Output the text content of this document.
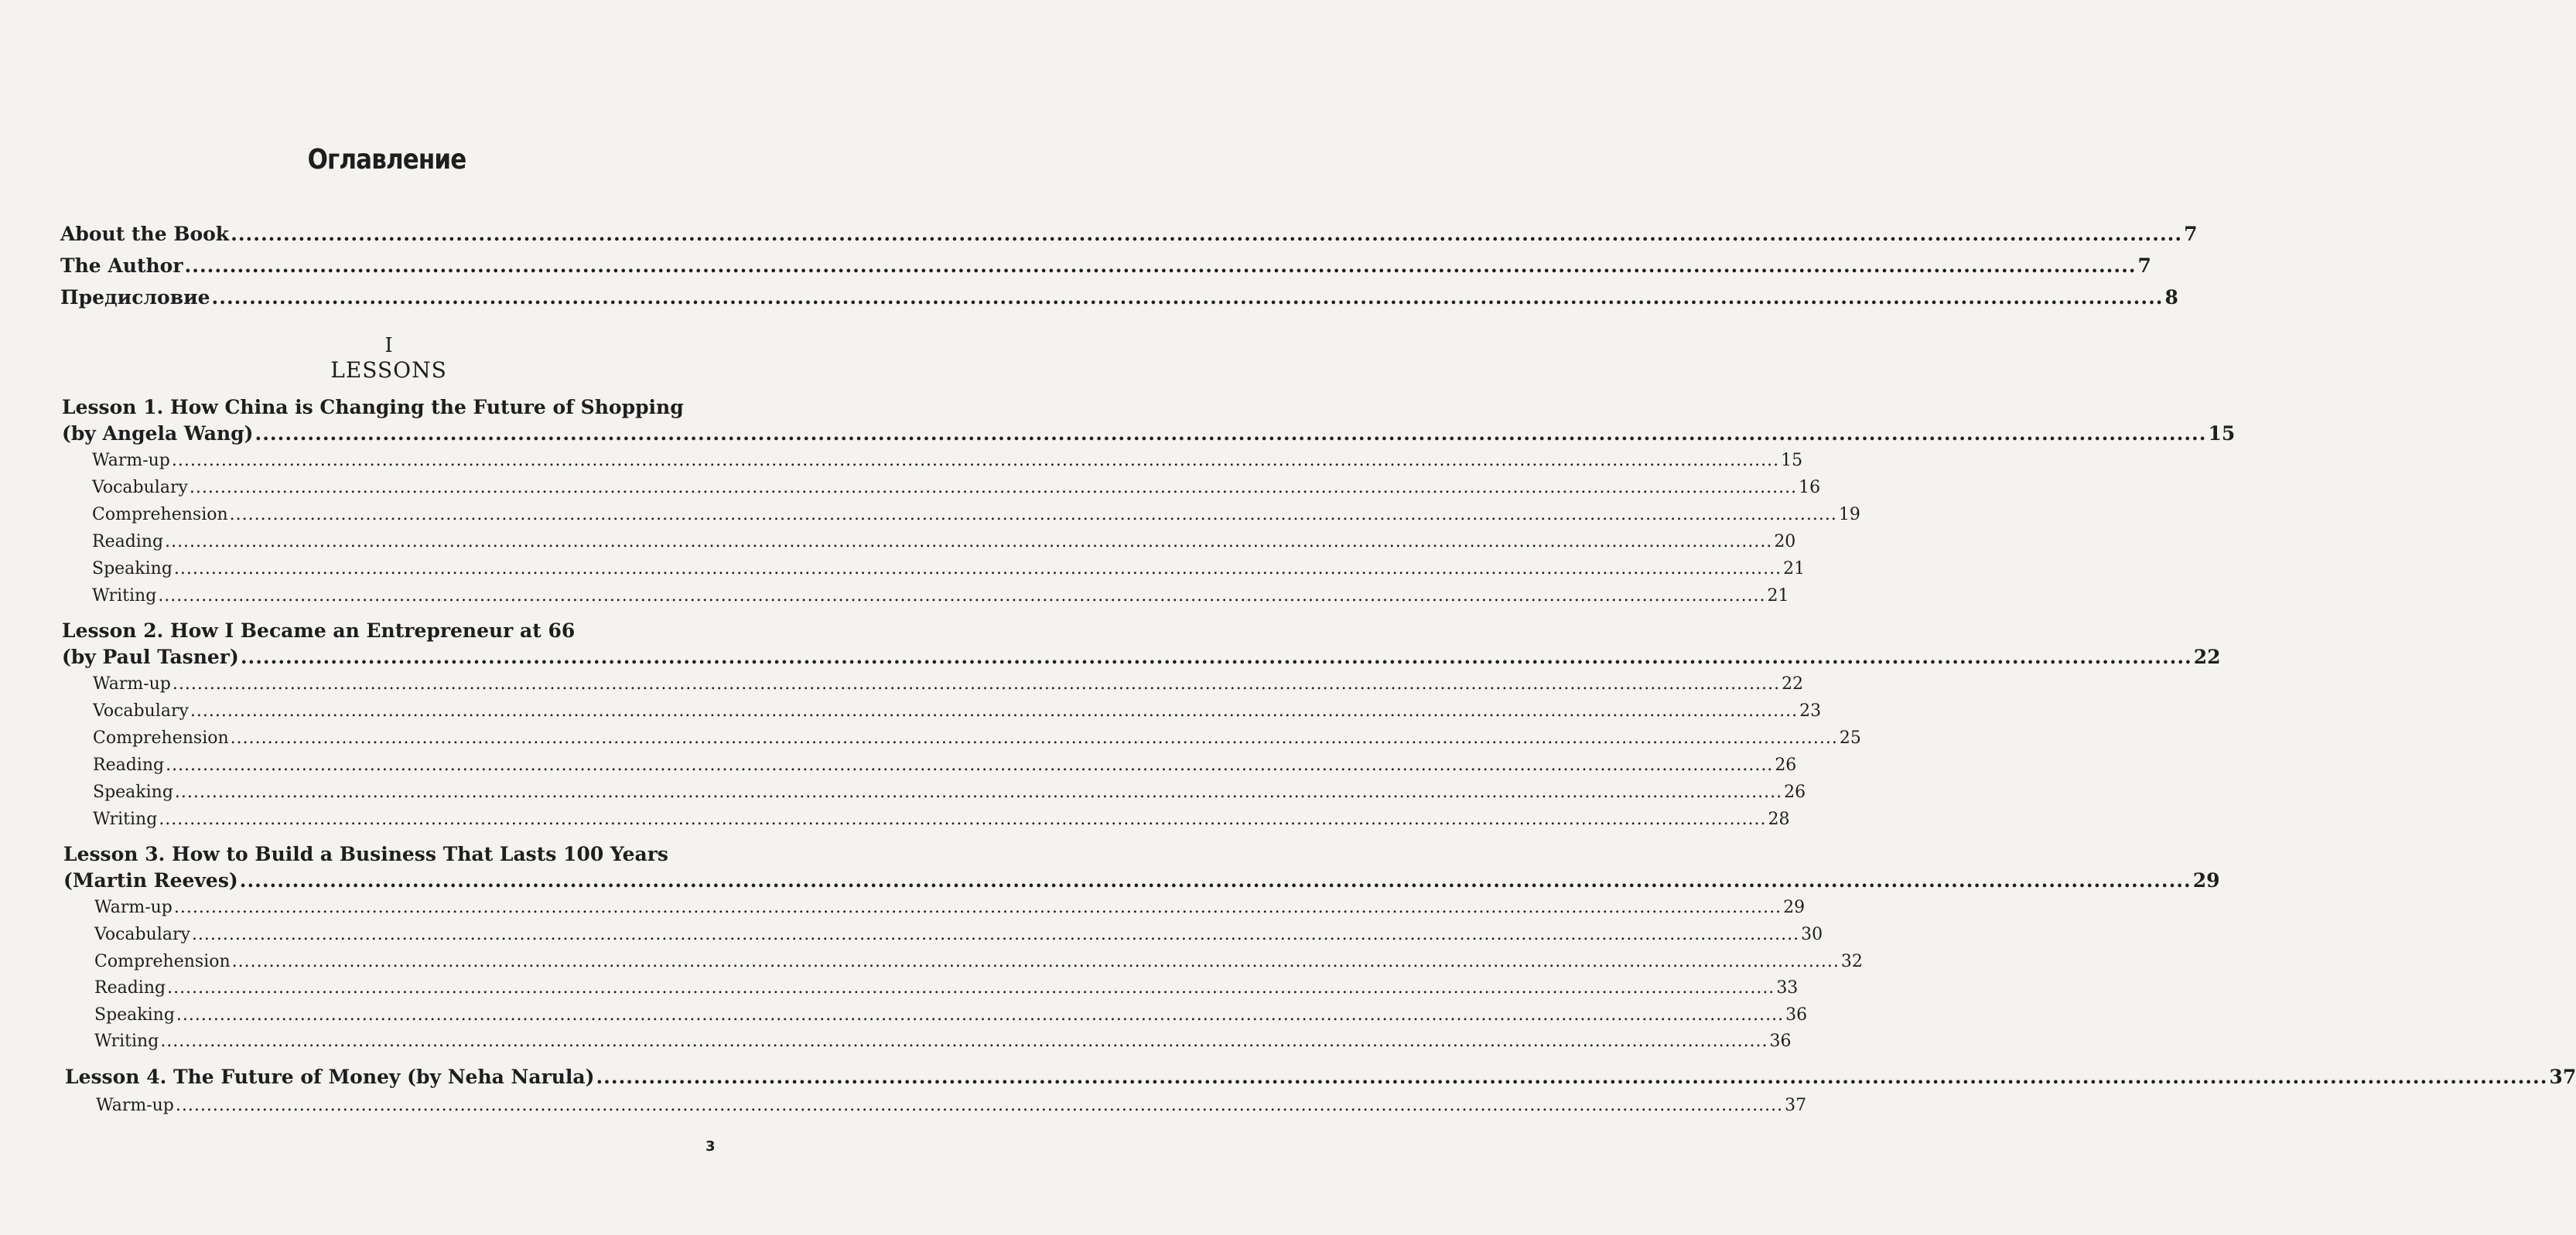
Оглавление
About the Book .................................................................................................................................................................................................................................................................... 7
The Author .................................................................................................................................................................................................................................................................... 7
Предисловие .................................................................................................................................................................................................................................................................... 8
I
LESSONS
Lesson 1. How China is Changing the Future of Shopping
(by Angela Wang) .................................................................................................................................................................................................................................................................... 15
Warm-up .................................................................................................................................................................................................................................................................... 15
Vocabulary .................................................................................................................................................................................................................................................................... 16
Comprehension .................................................................................................................................................................................................................................................................... 19
Reading .................................................................................................................................................................................................................................................................... 20
Speaking .................................................................................................................................................................................................................................................................... 21
Writing .................................................................................................................................................................................................................................................................... 21
Lesson 2. How I Became an Entrepreneur at 66
(by Paul Tasner) .................................................................................................................................................................................................................................................................... 22
Warm-up .................................................................................................................................................................................................................................................................... 22
Vocabulary .................................................................................................................................................................................................................................................................... 23
Comprehension .................................................................................................................................................................................................................................................................... 25
Reading .................................................................................................................................................................................................................................................................... 26
Speaking .................................................................................................................................................................................................................................................................... 26
Writing .................................................................................................................................................................................................................................................................... 28
Lesson 3. How to Build a Business That Lasts 100 Years
(Martin Reeves) .................................................................................................................................................................................................................................................................... 29
Warm-up .................................................................................................................................................................................................................................................................... 29
Vocabulary .................................................................................................................................................................................................................................................................... 30
Comprehension .................................................................................................................................................................................................................................................................... 32
Reading .................................................................................................................................................................................................................................................................... 33
Speaking .................................................................................................................................................................................................................................................................... 36
Writing .................................................................................................................................................................................................................................................................... 36
Lesson 4. The Future of Money (by Neha Narula) .................................................................................................................................................................................................................................................................... 37
Warm-up .................................................................................................................................................................................................................................................................... 37
3
